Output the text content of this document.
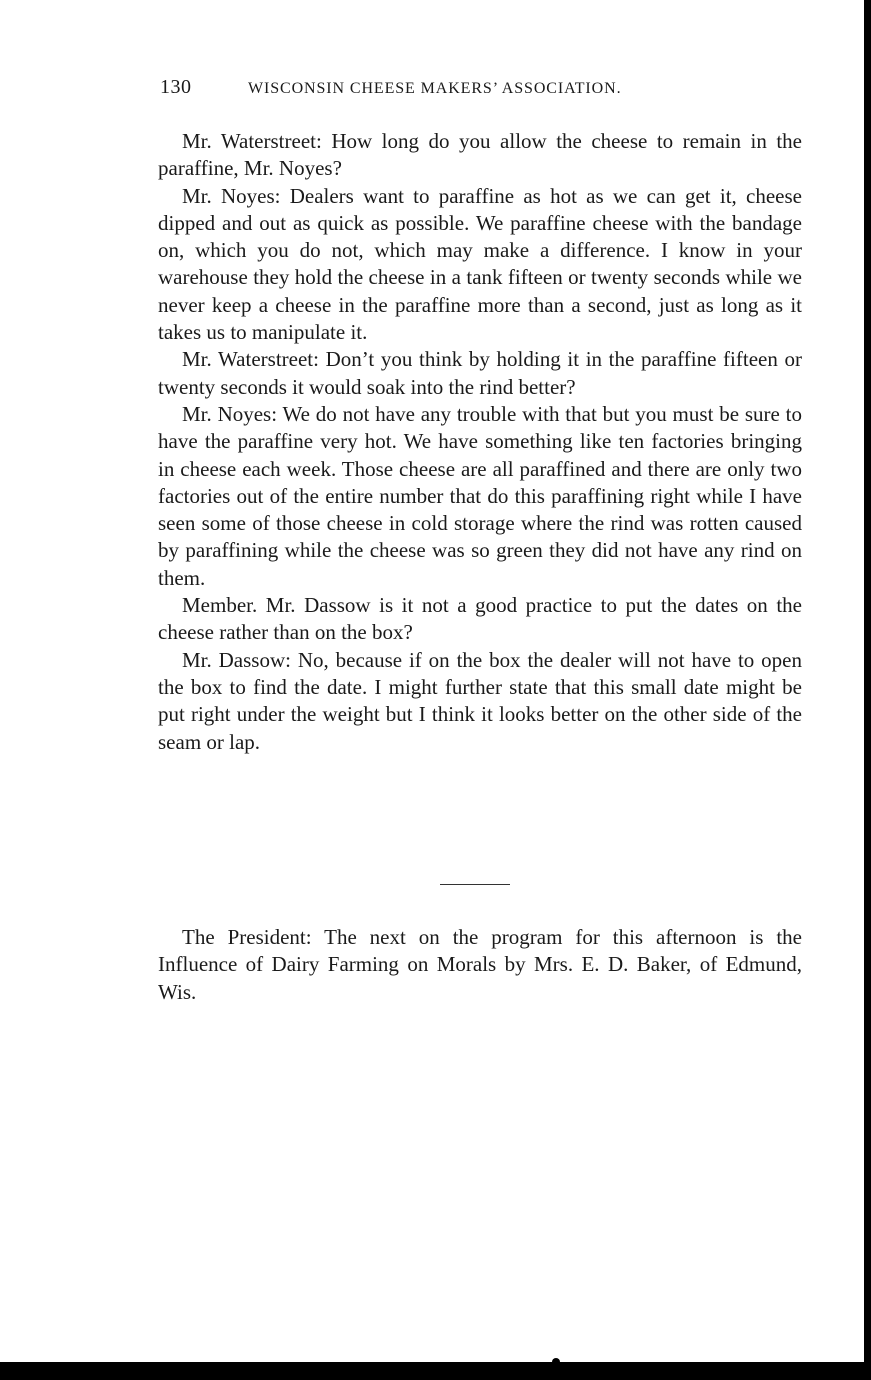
130	WISCONSIN CHEESE MAKERS’ ASSOCIATION.

Mr. Waterstreet: How long do you allow the cheese to remain in the paraffine, Mr. Noyes?

Mr. Noyes: Dealers want to paraffine as hot as we can get it, cheese dipped and out as quick as possible. We paraffine cheese with the bandage on, which you do not, which may make a difference. I know in your warehouse they hold the cheese in a tank fifteen or twenty seconds while we never keep a cheese in the paraffine more than a second, just as long as it takes us to manipulate it.

Mr. Waterstreet: Don’t you think by holding it in the paraffine fifteen or twenty seconds it would soak into the rind better?

Mr. Noyes: We do not have any trouble with that but you must be sure to have the paraffine very hot. We have something like ten factories bringing in cheese each week. Those cheese are all paraffined and there are only two factories out of the entire number that do this paraffining right while I have seen some of those cheese in cold storage where the rind was rotten caused by paraffining while the cheese was so green they did not have any rind on them.

Member. Mr. Dassow is it not a good practice to put the dates on the cheese rather than on the box?

Mr. Dassow: No, because if on the box the dealer will not have to open the box to find the date. I might further state that this small date might be put right under the weight but I think it looks better on the other side of the seam or lap.

The President: The next on the program for this afternoon is the Influence of Dairy Farming on Morals by Mrs. E. D. Baker, of Edmund, Wis.
